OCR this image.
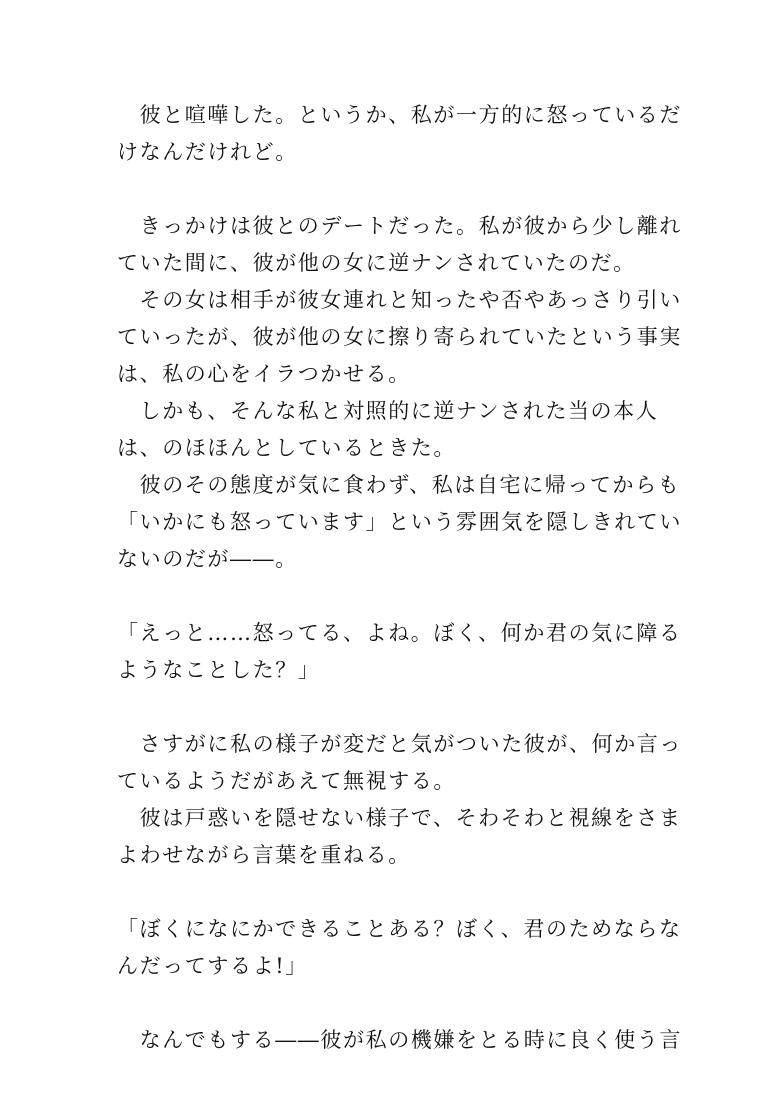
　彼と喧嘩した。というか、私が一方的に怒っているだ
けなんだけれど。
　きっかけは彼とのデートだった。私が彼から少し離れ
ていた間に、彼が他の女に逆ナンされていたのだ。
　その女は相手が彼女連れと知ったや否やあっさり引い
ていったが、彼が他の女に擦り寄られていたという事実
は、私の心をイラつかせる。
　しかも、そんな私と対照的に逆ナンされた当の本人
は、のほほんとしているときた。
　彼のその態度が気に食わず、私は自宅に帰ってからも
「いかにも怒っています」という雰囲気を隠しきれてい
ないのだが――。
「えっと……怒ってる、よね。ぼく、何か君の気に障る
ようなことした？」
　さすがに私の様子が変だと気がついた彼が、何か言っ
ているようだがあえて無視する。
　彼は戸惑いを隠せない様子で、そわそわと視線をさま
よわせながら言葉を重ねる。
「ぼくになにかできることある？ぼく、君のためならな
んだってするよ!」
　なんでもする――彼が私の機嫌をとる時に良く使う言
